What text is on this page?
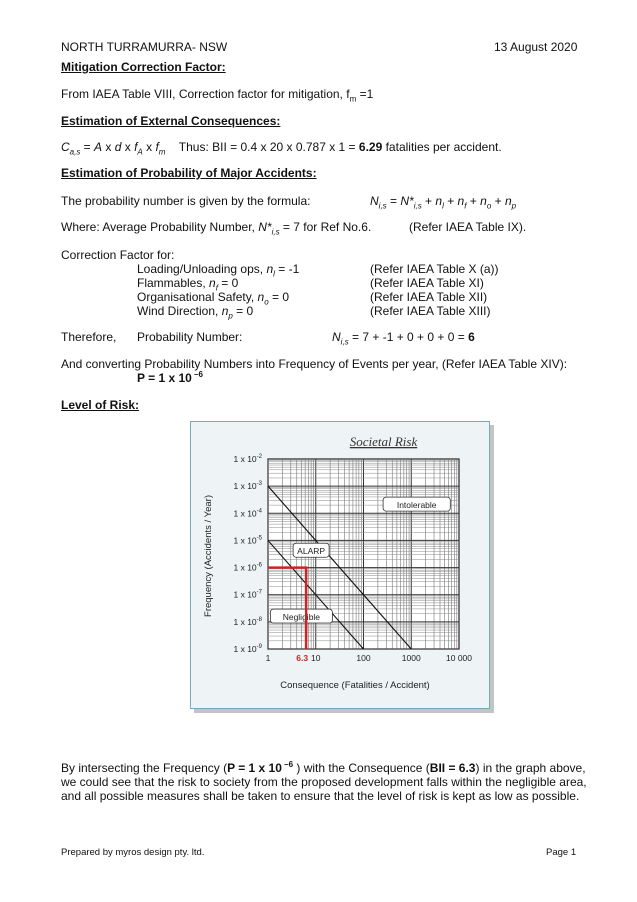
NORTH TURRAMURRA- NSW	13 August 2020
Mitigation Correction Factor:
From IAEA Table VIII, Correction factor for mitigation, $f_m =1$
Estimation of External Consequences:
$C_{a,s} = A$ x d x $f_A$ x $f_m$ Thus: BII = 0.4 x 20 x 0.787 x 1 = 6.29 fatalities per accident.
Estimation of Probability of Major Accidents:
The probability number is given by the formula:	$N_{i,s} = N*_{i,s} + n_l + n_f + n_o + n_p$
Where: Average Probability Number, $N*_{i,s} = 7$ for Ref No.6.	(Refer IAEA Table IX).
Correction Factor for:
Loading/Unloading ops, $n_l = -1$	(Refer IAEA Table X (a))
Flammables, $n_f = 0$	(Refer IAEA Table XI)
Organisational Safety, $n_o = 0$	(Refer IAEA Table XII)
Wind Direction, $n_p = 0$	(Refer IAEA Table XIII)
Therefore, Probability Number:	$N_{i,s} = 7 + -1 + 0 + 0 + 0 = 6$
And converting Probability Numbers into Frequency of Events per year, (Refer IAEA Table XIV):
P = 1 x 10 $^{-6}$
Level of Risk:
Societal Risk
1 x $10^{-2}$
1 x $10^{-3}$
1 x $10^{-4}$
1 x $10^{-5}$
1 x $10^{-6}$
1 x $10^{-7}$
1 x $10^{-8}$
1 x $10^{-9}$
1	10	100	1000	10 000
Intolerable
ALARP
Negligible
6.3
Consequence (Fatalities / Accident)
Frequency (Accidents / Year)
By intersecting the Frequency (P = 1 x 10 $^{-6}$ ) with the Consequence (BII = 6.3) in the graph above,
we could see that the risk to society from the proposed development falls within the negligible area,
and all possible measures shall be taken to ensure that the level of risk is kept as low as possible.
Prepared by myros design pty. ltd.	Page 1
